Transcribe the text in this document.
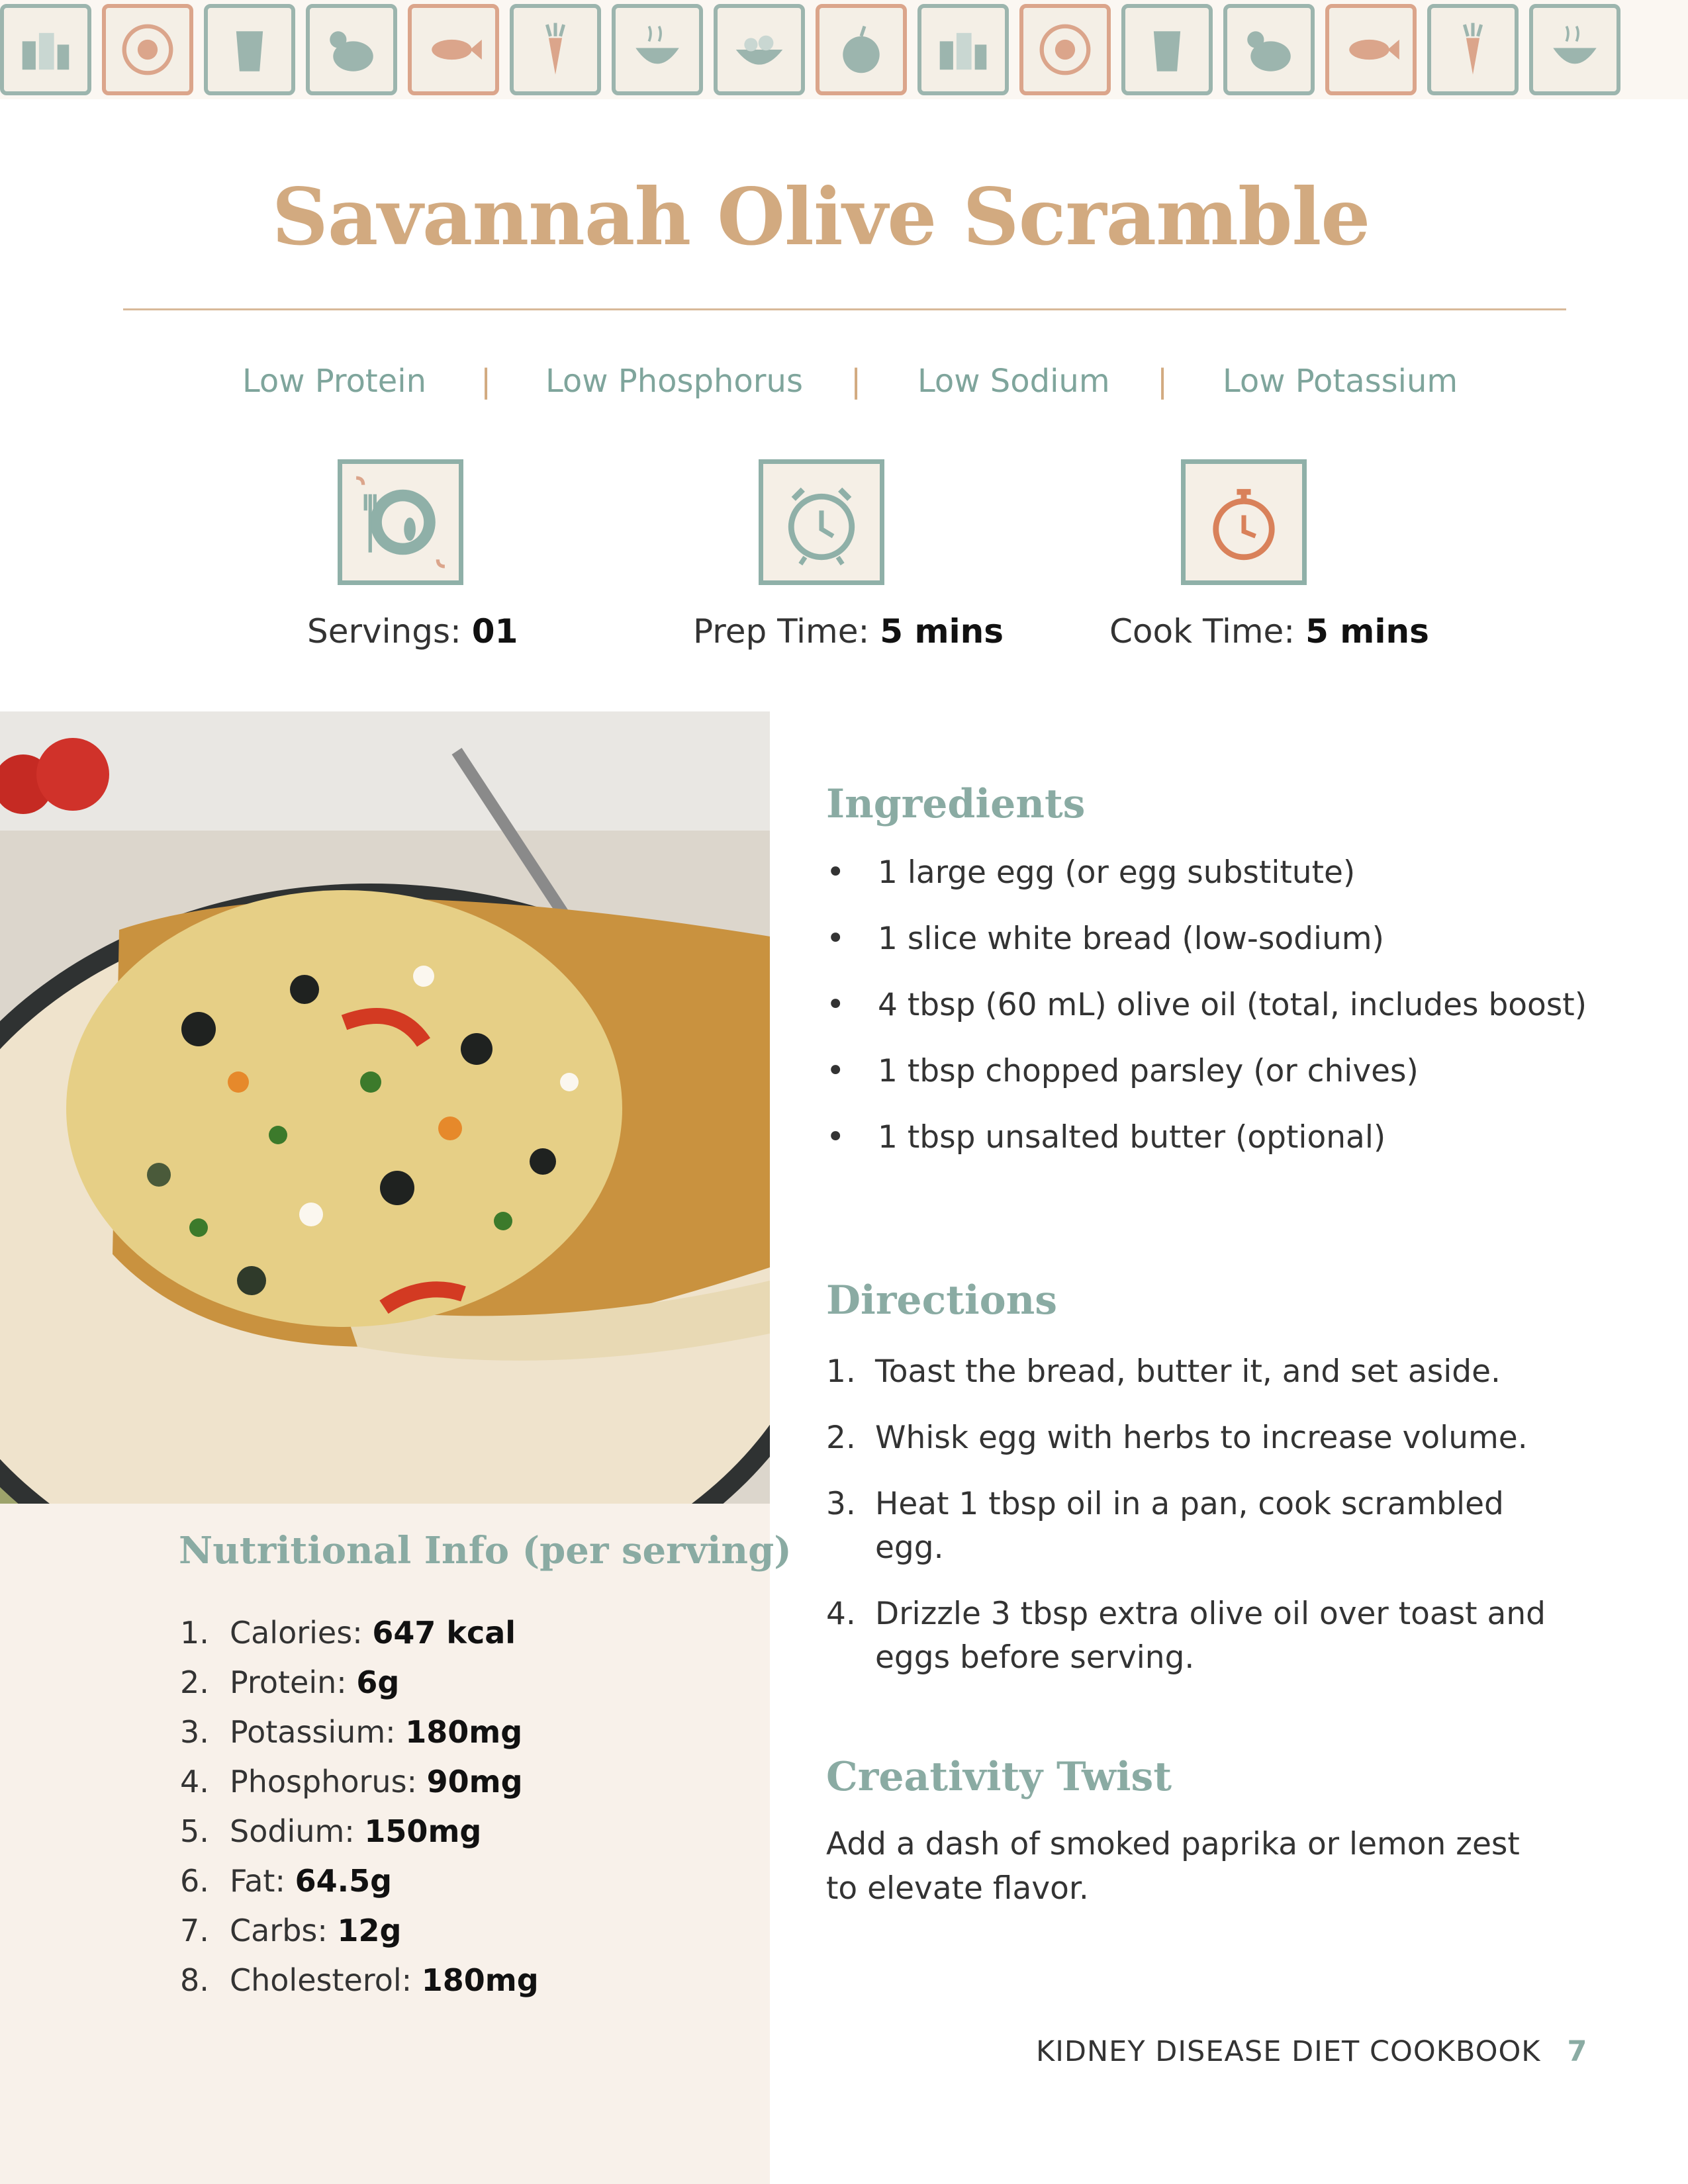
Savannah Olive Scramble
Low Protein | Low Phosphorus | Low Sodium | Low Potassium
Servings: 01	Prep Time: 5 mins	Cook Time: 5 mins
Nutritional Info (per serving)
1. Calories: 647 kcal
2. Protein: 6g
3. Potassium: 180mg
4. Phosphorus: 90mg
5. Sodium: 150mg
6. Fat: 64.5g
7. Carbs: 12g
8. Cholesterol: 180mg
Ingredients
• 1 large egg (or egg substitute)
• 1 slice white bread (low-sodium)
• 4 tbsp (60 mL) olive oil (total, includes boost)
• 1 tbsp chopped parsley (or chives)
• 1 tbsp unsalted butter (optional)
Directions
1. Toast the bread, butter it, and set aside.
2. Whisk egg with herbs to increase volume.
3. Heat 1 tbsp oil in a pan, cook scrambled egg.
4. Drizzle 3 tbsp extra olive oil over toast and eggs before serving.
Creativity Twist
Add a dash of smoked paprika or lemon zest to elevate flavor.
KIDNEY DISEASE DIET COOKBOOK 7
